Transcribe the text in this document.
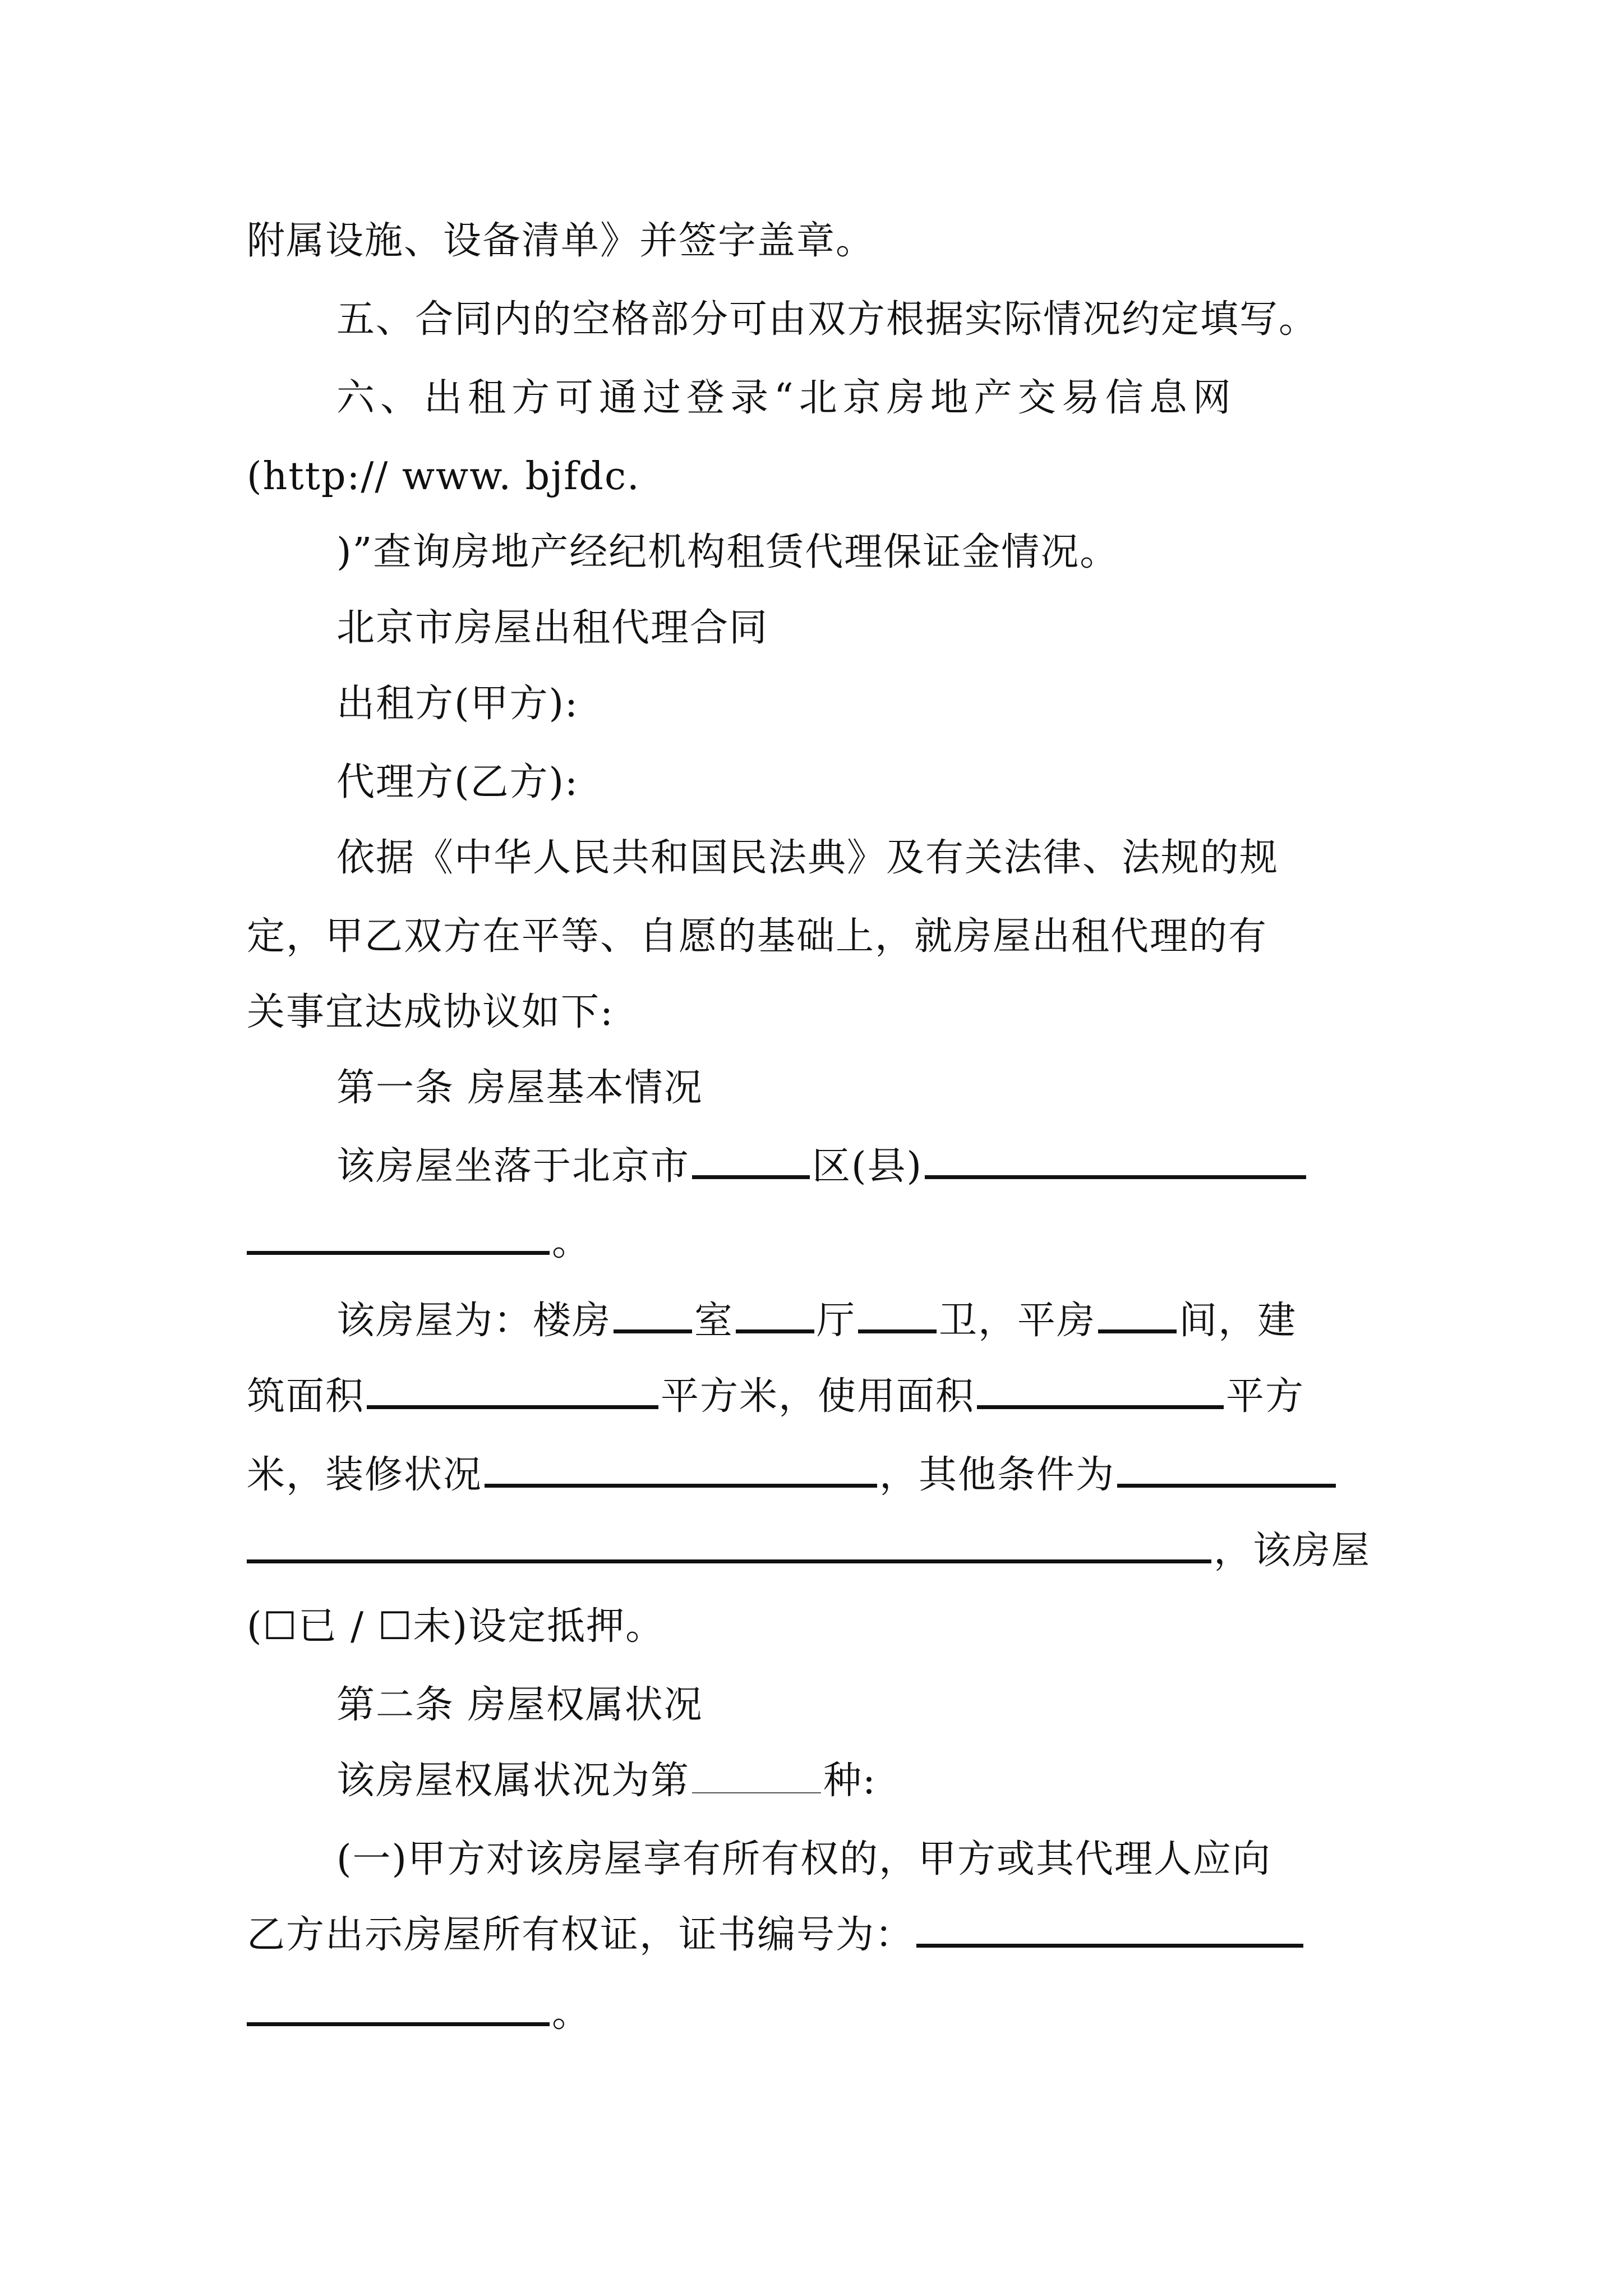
附属设施、设备清单》并签字盖章。
五、合同内的空格部分可由双方根据实际情况约定填写。
六、出租方可通过登录“北京房地产交易信息网
(http:// www. bjfdc.
)”查询房地产经纪机构租赁代理保证金情况。
北京市房屋出租代理合同
出租方(甲方):
代理方(乙方):
依据《中华人民共和国民法典》及有关法律、法规的规
定，甲乙双方在平等、自愿的基础上，就房屋出租代理的有
关事宜达成协议如下:
第一条 房屋基本情况
该房屋坐落于北京市	区(县)
。
该房屋为：楼房 室 厅 卫，平房 间，建
筑面积	平方米，使用面积	平方
米，装修状况	，其他条件为
，该房屋
(☐已 / ☐未)设定抵押。
第二条 房屋权属状况
该房屋权属状况为第	种:
(一)甲方对该房屋享有所有权的，甲方或其代理人应向
乙方出示房屋所有权证，证书编号为：
。
